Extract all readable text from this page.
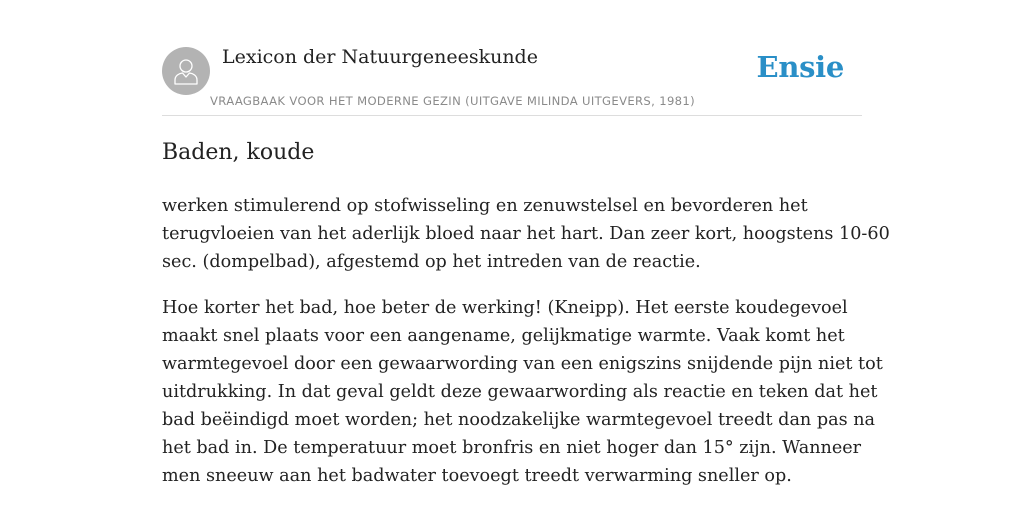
Lexicon der Natuurgeneeskunde
VRAAGBAAK VOOR HET MODERNE GEZIN (UITGAVE MILINDA UITGEVERS, 1981)
Ensie
Baden, koude

werken stimulerend op stofwisseling en zenuwstelsel en bevorderen het
terugvloeien van het aderlijk bloed naar het hart. Dan zeer kort, hoogstens 10-60
sec. (dompelbad), afgestemd op het intreden van de reactie.

Hoe korter het bad, hoe beter de werking! (Kneipp). Het eerste koudegevoel
maakt snel plaats voor een aangename, gelijkmatige warmte. Vaak komt het
warmtegevoel door een gewaarwording van een enigszins snijdende pijn niet tot
uitdrukking. In dat geval geldt deze gewaarwording als reactie en teken dat het
bad beëindigd moet worden; het noodzakelijke warmtegevoel treedt dan pas na
het bad in. De temperatuur moet bronfris en niet hoger dan 15° zijn. Wanneer
men sneeuw aan het badwater toevoegt treedt verwarming sneller op.
